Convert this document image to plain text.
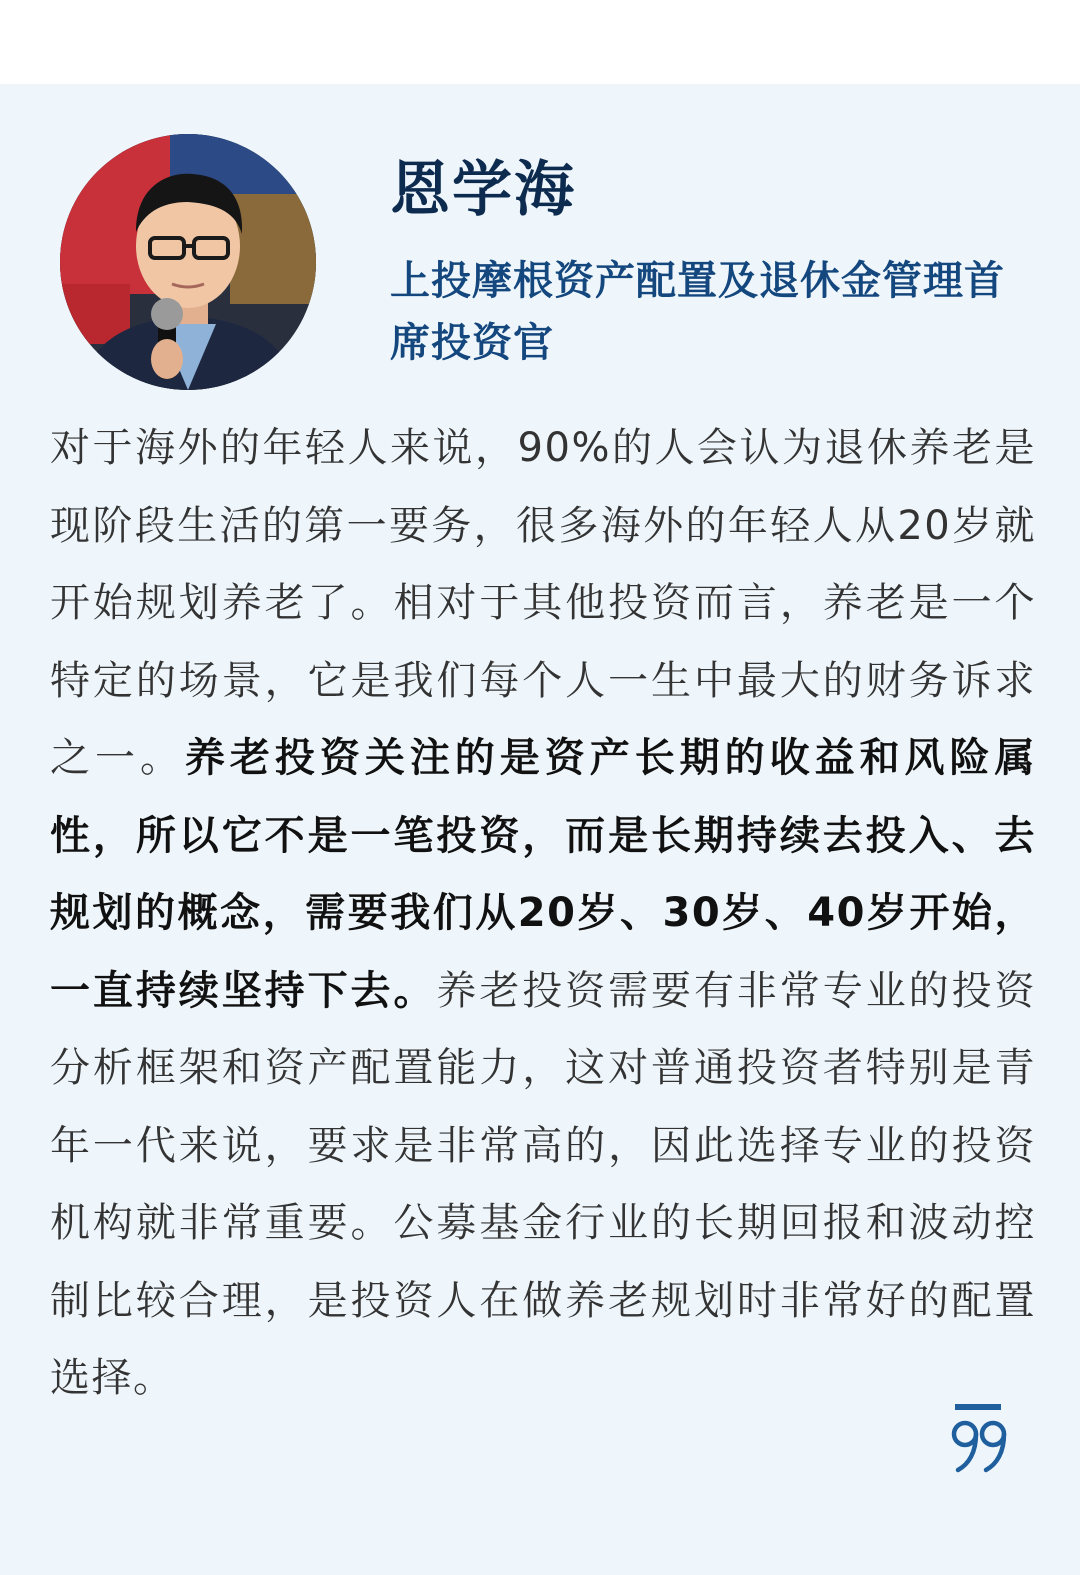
恩学海

上投摩根资产配置及退休金管理首席投资官

对于海外的年轻人来说，90%的人会认为退休养老是现阶段生活的第一要务，很多海外的年轻人从20岁就开始规划养老了。相对于其他投资而言，养老是一个特定的场景，它是我们每个人一生中最大的财务诉求之一。养老投资关注的是资产长期的收益和风险属性，所以它不是一笔投资，而是长期持续去投入、去规划的概念，需要我们从20岁、30岁、40岁开始，一直持续坚持下去。养老投资需要有非常专业的投资分析框架和资产配置能力，这对普通投资者特别是青年一代来说，要求是非常高的，因此选择专业的投资机构就非常重要。公募基金行业的长期回报和波动控制比较合理，是投资人在做养老规划时非常好的配置选择。
